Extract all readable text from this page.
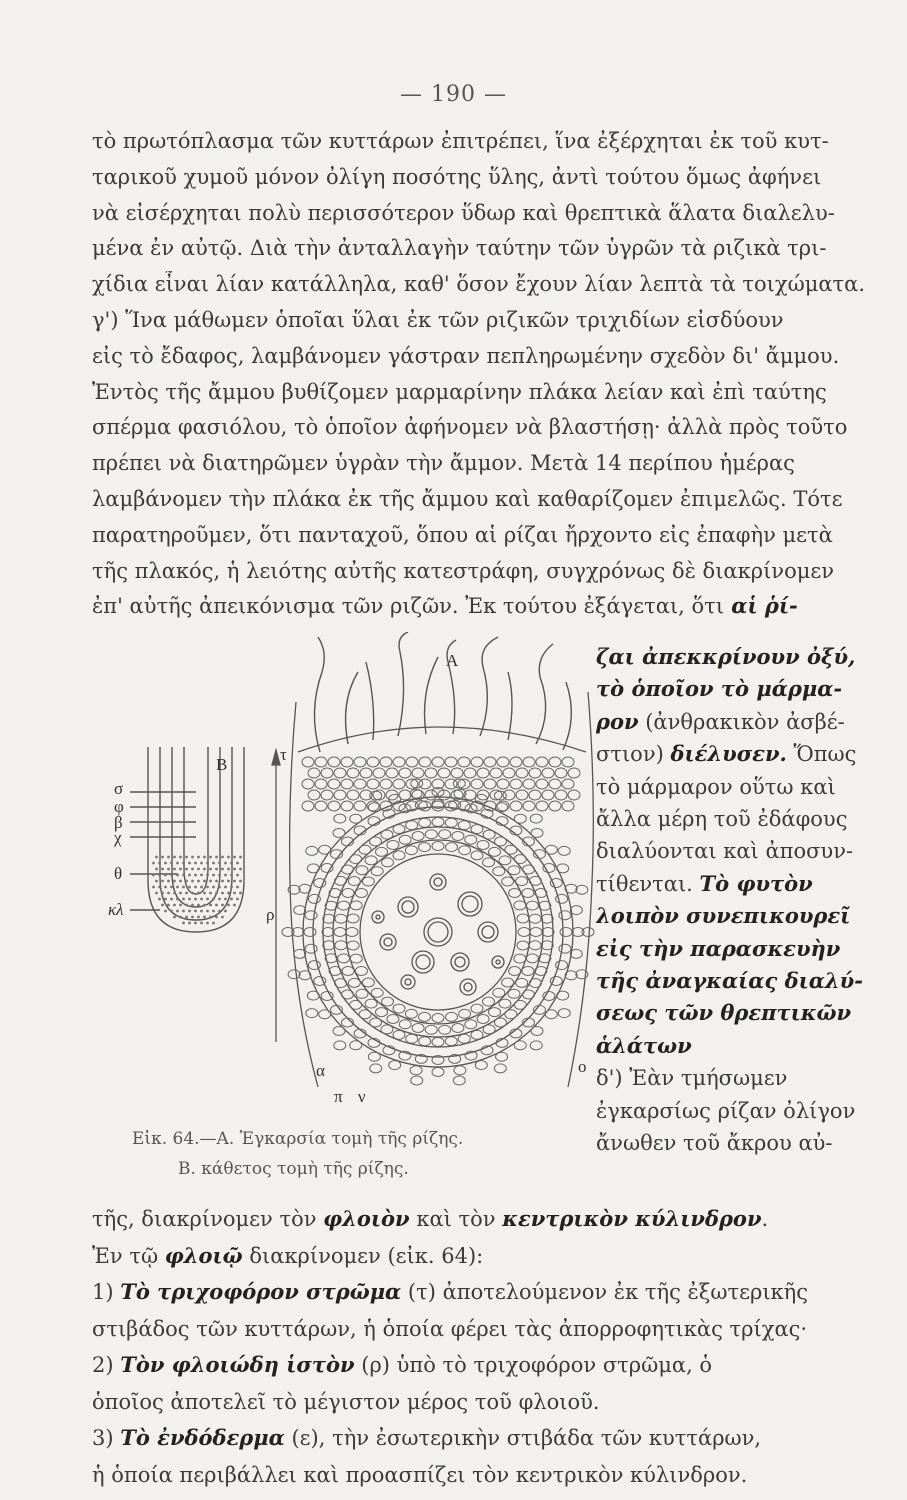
— 190 —
τὸ πρωτόπλασμα τῶν κυττάρων ἐπιτρέπει, ἵνα ἐξέρχηται ἐκ τοῦ κυτ-
ταρικοῦ χυμοῦ μόνον ὀλίγη ποσότης ὕλης, ἀντὶ τούτου ὅμως ἀφήνει
νὰ εἰσέρχηται πολὺ περισσότερον ὕδωρ καὶ θρεπτικὰ ἅλατα διαλελυ-
μένα ἐν αὐτῷ. Διὰ τὴν ἀνταλλαγὴν ταύτην τῶν ὑγρῶν τὰ ριζικὰ τρι-
χίδια εἶναι λίαν κατάλληλα, καθ' ὅσον ἔχουν λίαν λεπτὰ τὰ τοιχώματα.
γ') Ἵνα μάθωμεν ὁποῖαι ὕλαι ἐκ τῶν ριζικῶν τριχιδίων εἰσδύουν
εἰς τὸ ἔδαφος, λαμβάνομεν γάστραν πεπληρωμένην σχεδὸν δι' ἄμμου.
Ἐντὸς τῆς ἄμμου βυθίζομεν μαρμαρίνην πλάκα λείαν καὶ ἐπὶ ταύτης
σπέρμα φασιόλου, τὸ ὁποῖον ἀφήνομεν νὰ βλαστήσῃ· ἀλλὰ πρὸς τοῦτο
πρέπει νὰ διατηρῶμεν ὑγρὰν τὴν ἄμμον. Μετὰ 14 περίπου ἡμέρας
λαμβάνομεν τὴν πλάκα ἐκ τῆς ἄμμου καὶ καθαρίζομεν ἐπιμελῶς. Τότε
παρατηροῦμεν, ὅτι πανταχοῦ, ὅπου αἱ ρίζαι ἤρχοντο εἰς ἐπαφὴν μετὰ
τῆς πλακός, ἡ λειότης αὐτῆς κατεστράφη, συγχρόνως δὲ διακρίνομεν
ἐπ' αὐτῆς ἀπεικόνισμα τῶν ριζῶν. Ἐκ τούτου ἐξάγεται, ὅτι αἱ ῥί-
ζαι ἀπεκκρίνουν ὀξύ,
τὸ ὁποῖον τὸ μάρμα-
ρον (ἀνθρακικὸν ἀσβέ-
στιον) διέλυσεν. Ὅπως
τὸ μάρμαρον οὕτω καὶ
ἄλλα μέρη τοῦ ἐδάφους
διαλύονται καὶ ἀποσυν-
τίθενται. Τὸ φυτὸν
λοιπὸν συνεπικουρεῖ
εἰς τὴν παρασκευὴν
τῆς ἀναγκαίας διαλύ-
σεως τῶν θρεπτικῶν
ἁλάτων
δ') Ἐὰν τμήσωμεν
ἐγκαρσίως ρίζαν ὀλίγον
ἄνωθεν τοῦ ἄκρου αὐ-
A
B
τ
ρ
ο
α
π γ
σ
φ
β
χ
θ
κλ
Εἰκ. 64.—Α. Ἐγκαρσία τομὴ τῆς ρίζης.
Β. κάθετος τομὴ τῆς ρίζης.
τῆς, διακρίνομεν τὸν φλοιὸν καὶ τὸν κεντρικὸν κύλινδρον.
Ἐν τῷ φλοιῷ διακρίνομεν (εἰκ. 64):
1) Τὸ τριχοφόρον στρῶμα (τ) ἀποτελούμενον ἐκ τῆς ἐξωτερικῆς
στιβάδος τῶν κυττάρων, ἡ ὁποία φέρει τὰς ἀπορροφητικὰς τρίχας·
2) Τὸν φλοιώδη ἱστὸν (ρ) ὑπὸ τὸ τριχοφόρον στρῶμα, ὁ
ὁποῖος ἀποτελεῖ τὸ μέγιστον μέρος τοῦ φλοιοῦ.
3) Τὸ ἐνδόδερμα (ε), τὴν ἐσωτερικὴν στιβάδα τῶν κυττάρων,
ἡ ὁποία περιβάλλει καὶ προασπίζει τὸν κεντρικὸν κύλινδρον.
